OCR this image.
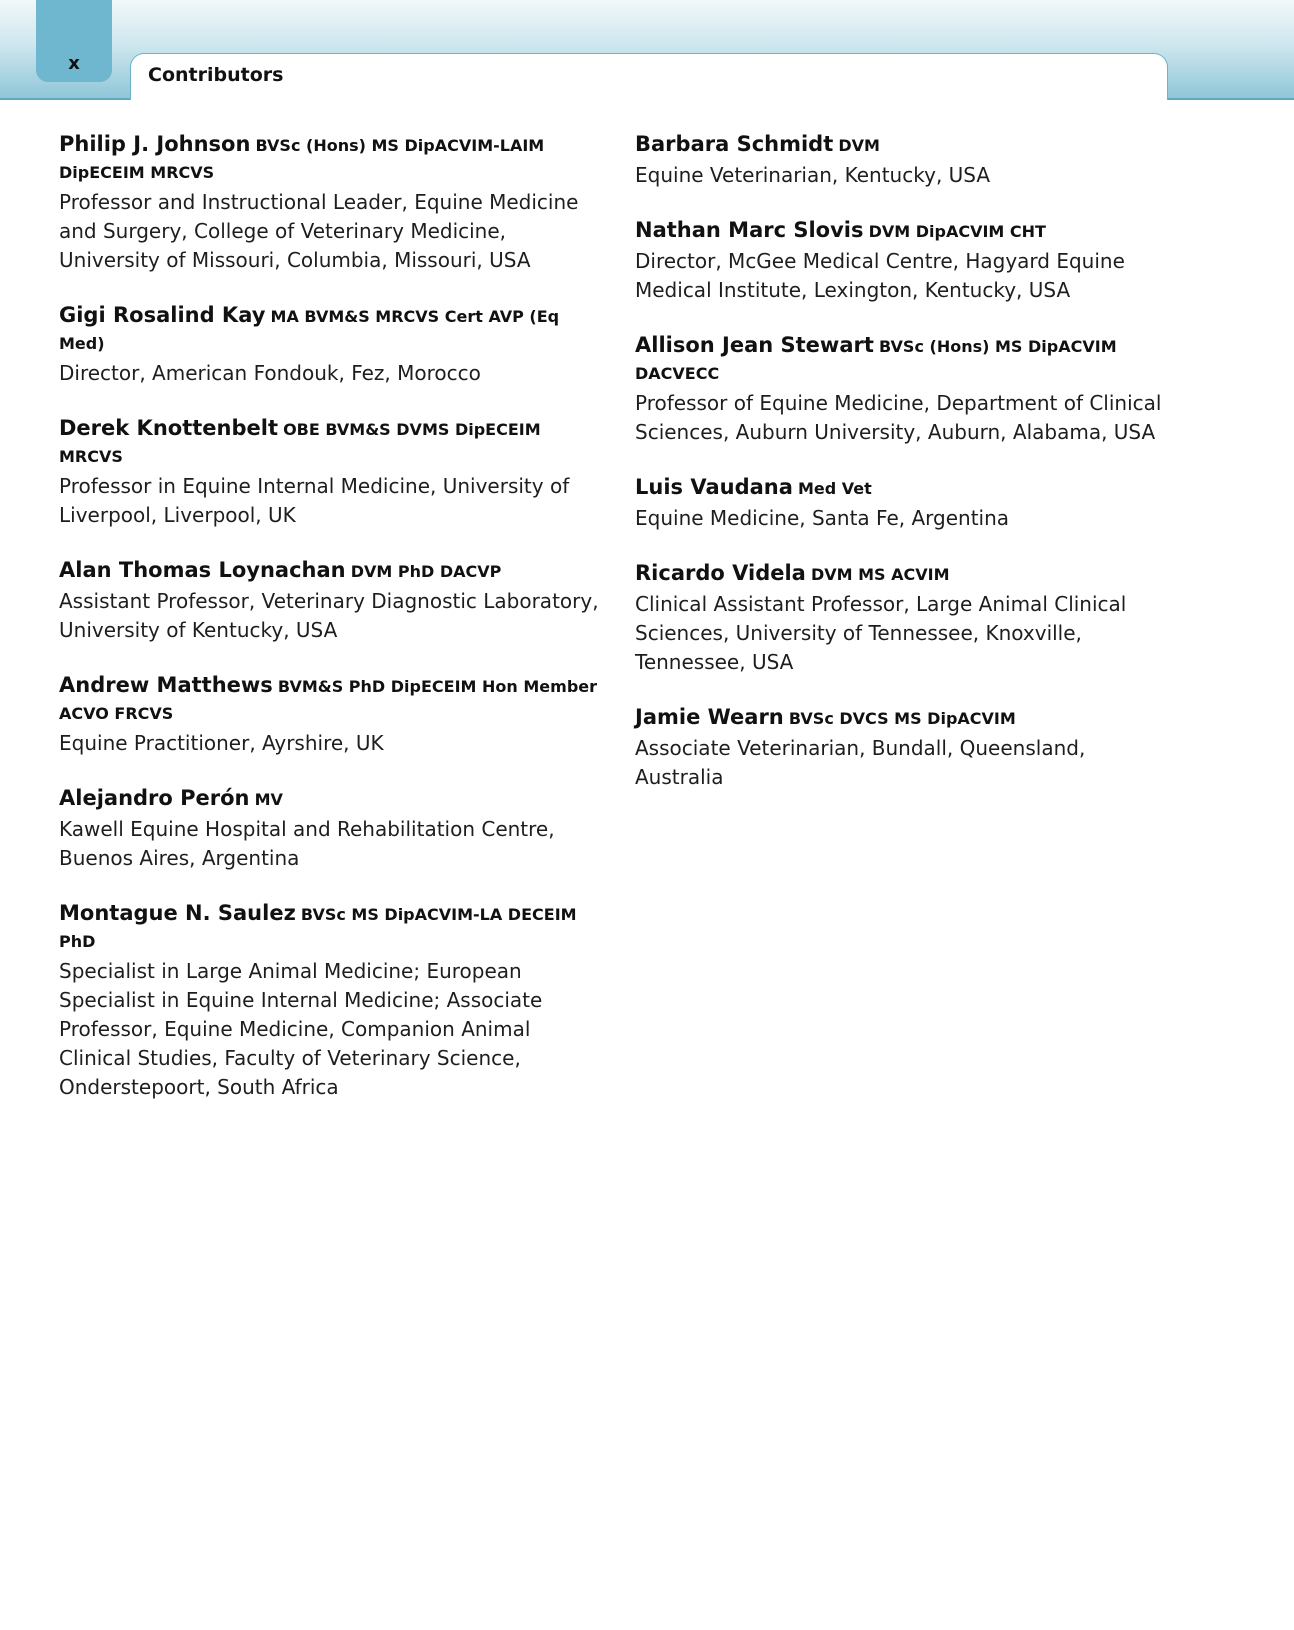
x
Contributors
Philip J. Johnson BVSc (Hons) MS DipACVIM-LAIM DipECEIM MRCVS
Professor and Instructional Leader, Equine Medicine and Surgery, College of Veterinary Medicine, University of Missouri, Columbia, Missouri, USA
Gigi Rosalind Kay MA BVM&S MRCVS Cert AVP (Eq Med)
Director, American Fondouk, Fez, Morocco
Derek Knottenbelt OBE BVM&S DVMS DipECEIM MRCVS
Professor in Equine Internal Medicine, University of Liverpool, Liverpool, UK
Alan Thomas Loynachan DVM PhD DACVP
Assistant Professor, Veterinary Diagnostic Laboratory, University of Kentucky, USA
Andrew Matthews BVM&S PhD DipECEIM Hon Member ACVO FRCVS
Equine Practitioner, Ayrshire, UK
Alejandro Perón MV
Kawell Equine Hospital and Rehabilitation Centre, Buenos Aires, Argentina
Montague N. Saulez BVSc MS DipACVIM-LA DECEIM PhD
Specialist in Large Animal Medicine; European Specialist in Equine Internal Medicine; Associate Professor, Equine Medicine, Companion Animal Clinical Studies, Faculty of Veterinary Science, Onderstepoort, South Africa
Barbara Schmidt DVM
Equine Veterinarian, Kentucky, USA
Nathan Marc Slovis DVM DipACVIM CHT
Director, McGee Medical Centre, Hagyard Equine Medical Institute, Lexington, Kentucky, USA
Allison Jean Stewart BVSc (Hons) MS DipACVIM DACVECC
Professor of Equine Medicine, Department of Clinical Sciences, Auburn University, Auburn, Alabama, USA
Luis Vaudana Med Vet
Equine Medicine, Santa Fe, Argentina
Ricardo Videla DVM MS ACVIM
Clinical Assistant Professor, Large Animal Clinical Sciences, University of Tennessee, Knoxville, Tennessee, USA
Jamie Wearn BVSc DVCS MS DipACVIM
Associate Veterinarian, Bundall, Queensland, Australia
